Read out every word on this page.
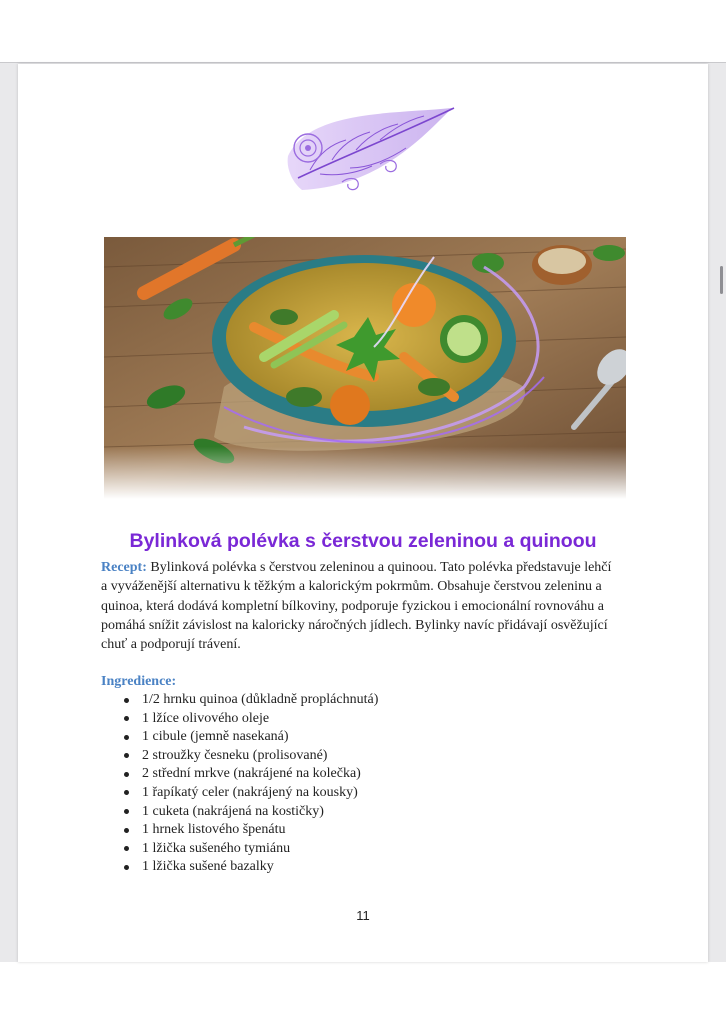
Bylinková polévka s čerstvou zeleninou a quinoou

Recept: Bylinková polévka s čerstvou zeleninou a quinoou. Tato polévka představuje lehčí a vyváženější alternativu k těžkým a kalorickým pokrmům. Obsahuje čerstvou zeleninu a quinoa, která dodává kompletní bílkoviny, podporuje fyzickou i emocionální rovnováhu a pomáhá snížit závislost na kaloricky náročných jídlech. Bylinky navíc přidávají osvěžující chuť a podporují trávení.

Ingredience:

1/2 hrnku quinoa (důkladně propláchnutá)
1 lžíce olivového oleje
1 cibule (jemně nasekaná)
2 stroužky česneku (prolisované)
2 střední mrkve (nakrájené na kolečka)
1 řapíkatý celer (nakrájený na kousky)
1 cuketa (nakrájená na kostičky)
1 hrnek listového špenátu
1 lžička sušeného tymiánu
1 lžička sušené bazalky

11
